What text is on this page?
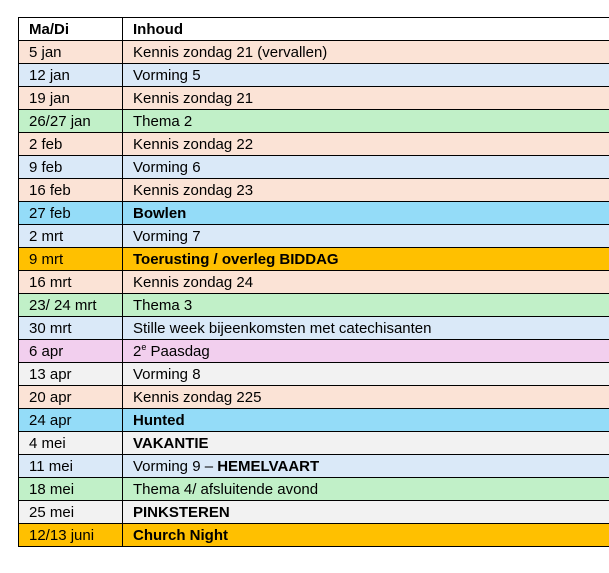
Ma/Di	Inhoud
5 jan	Kennis zondag 21 (vervallen)
12 jan	Vorming 5
19 jan	Kennis zondag 21
26/27 jan	Thema 2
2 feb	Kennis zondag 22
9 feb	Vorming 6
16 feb	Kennis zondag 23
27 feb	Bowlen
2 mrt	Vorming 7
9 mrt	Toerusting / overleg BIDDAG
16 mrt	Kennis zondag 24
23/ 24 mrt	Thema 3
30 mrt	Stille week bijeenkomsten met catechisanten
6 apr	2e Paasdag
13 apr	Vorming 8
20 apr	Kennis zondag 225
24 apr	Hunted
4 mei	VAKANTIE
11 mei	Vorming 9 – HEMELVAART
18 mei	Thema 4/ afsluitende avond
25 mei	PINKSTEREN
12/13 juni	Church Night
